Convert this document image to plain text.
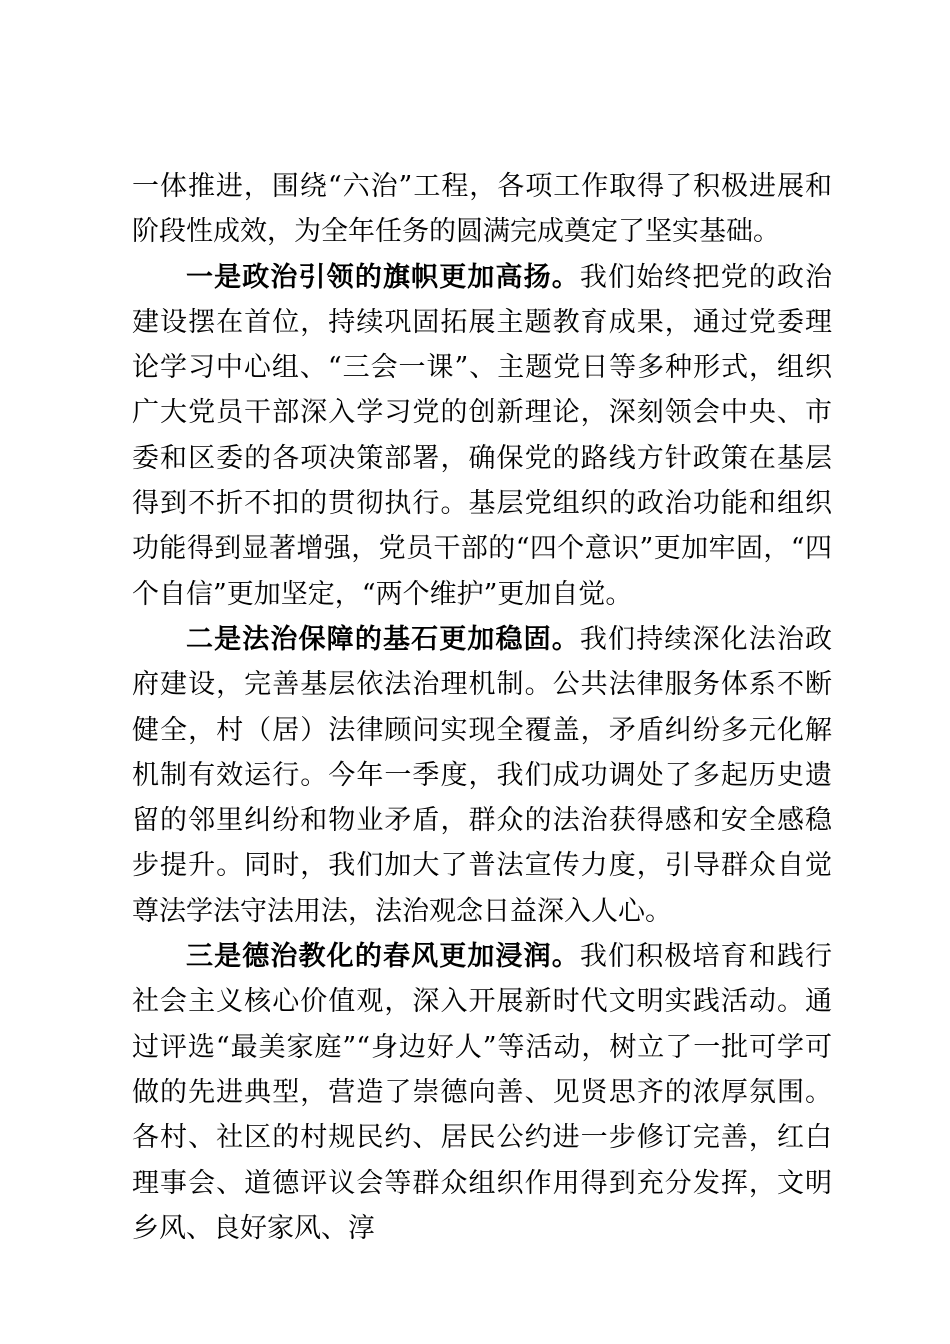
一体推进，围绕“六治”工程，各项工作取得了积极进展和阶段性成效，为全年任务的圆满完成奠定了坚实基础。

一是政治引领的旗帜更加高扬。我们始终把党的政治建设摆在首位，持续巩固拓展主题教育成果，通过党委理论学习中心组、“三会一课”、主题党日等多种形式，组织广大党员干部深入学习党的创新理论，深刻领会中央、市委和区委的各项决策部署，确保党的路线方针政策在基层得到不折不扣的贯彻执行。基层党组织的政治功能和组织功能得到显著增强，党员干部的“四个意识”更加牢固，“四个自信”更加坚定，“两个维护”更加自觉。

二是法治保障的基石更加稳固。我们持续深化法治政府建设，完善基层依法治理机制。公共法律服务体系不断健全，村（居）法律顾问实现全覆盖，矛盾纠纷多元化解机制有效运行。今年一季度，我们成功调处了多起历史遗留的邻里纠纷和物业矛盾，群众的法治获得感和安全感稳步提升。同时，我们加大了普法宣传力度，引导群众自觉尊法学法守法用法，法治观念日益深入人心。

三是德治教化的春风更加浸润。我们积极培育和践行社会主义核心价值观，深入开展新时代文明实践活动。通过评选“最美家庭”“身边好人”等活动，树立了一批可学可做的先进典型，营造了崇德向善、见贤思齐的浓厚氛围。各村、社区的村规民约、居民公约进一步修订完善，红白理事会、道德评议会等群众组织作用得到充分发挥，文明乡风、良好家风、淳
